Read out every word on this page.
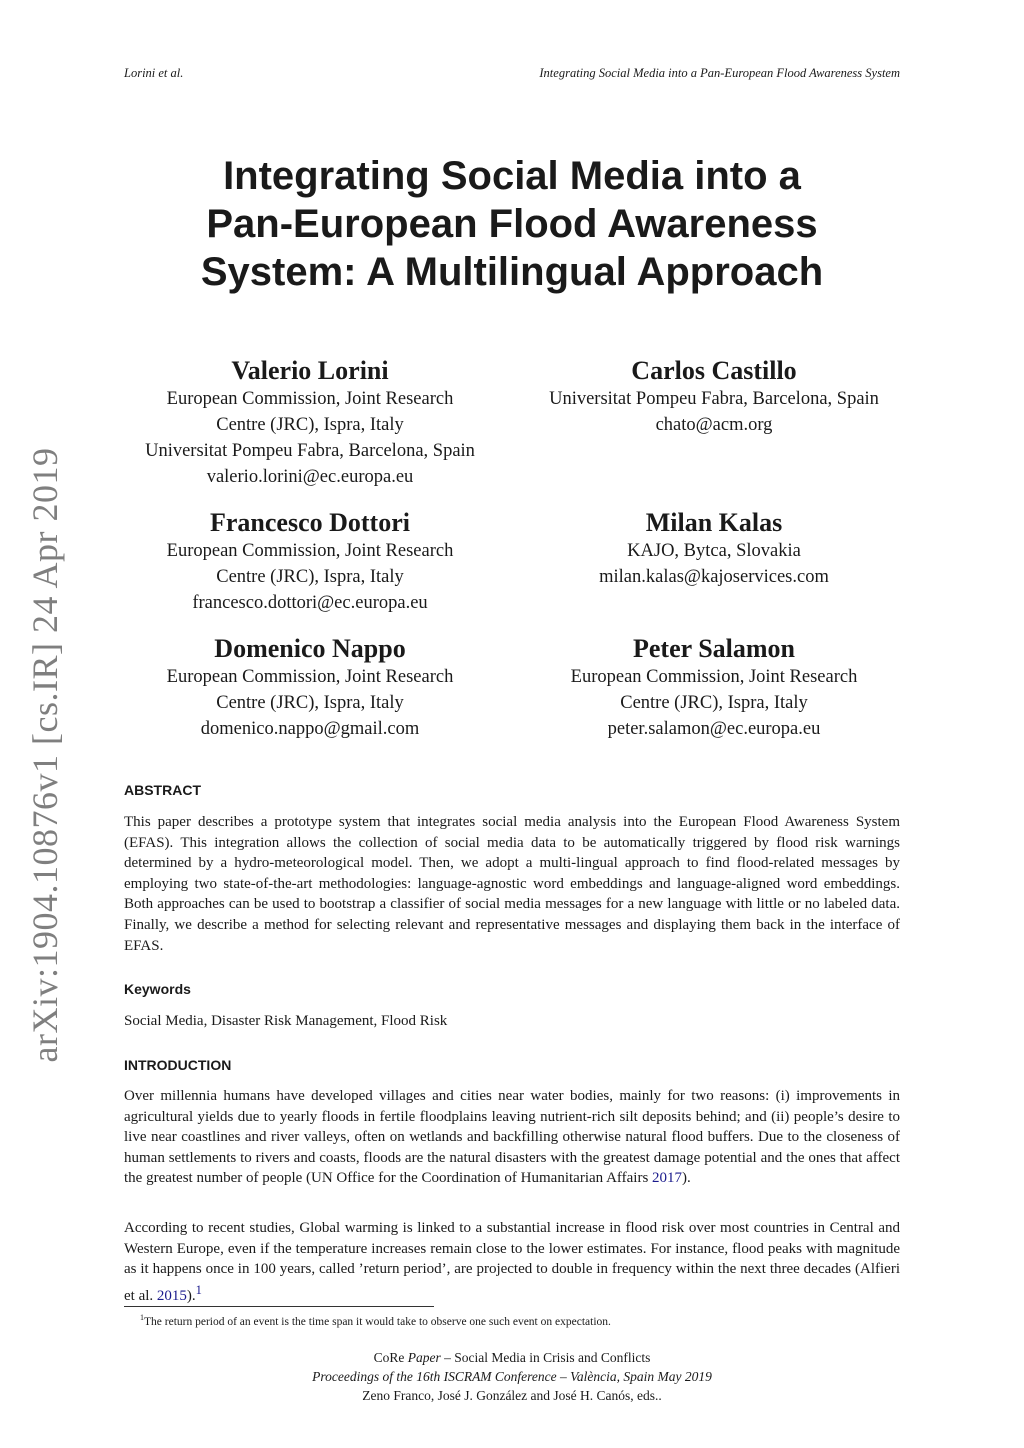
Lorini et al.	Integrating Social Media into a Pan-European Flood Awareness System
Integrating Social Media into a
Pan-European Flood Awareness
System: A Multilingual Approach
Valerio Lorini
European Commission, Joint Research
Centre (JRC), Ispra, Italy
Universitat Pompeu Fabra, Barcelona, Spain
valerio.lorini@ec.europa.eu
Carlos Castillo
Universitat Pompeu Fabra, Barcelona, Spain
chato@acm.org
Francesco Dottori
European Commission, Joint Research
Centre (JRC), Ispra, Italy
francesco.dottori@ec.europa.eu
Milan Kalas
KAJO, Bytca, Slovakia
milan.kalas@kajoservices.com
Domenico Nappo
European Commission, Joint Research
Centre (JRC), Ispra, Italy
domenico.nappo@gmail.com
Peter Salamon
European Commission, Joint Research
Centre (JRC), Ispra, Italy
peter.salamon@ec.europa.eu
arXiv:1904.10876v1 [cs.IR] 24 Apr 2019	ABSTRACT

This paper describes a prototype system that integrates social media analysis into the European Flood Awareness System (EFAS). This integration allows the collection of social media data to be automatically triggered by flood risk warnings determined by a hydro-meteorological model. Then, we adopt a multi-lingual approach to find flood-related messages by employing two state-of-the-art methodologies: language-agnostic word embeddings and language-aligned word embeddings. Both approaches can be used to bootstrap a classifier of social media messages for a new language with little or no labeled data. Finally, we describe a method for selecting relevant and representative messages and displaying them back in the interface of EFAS.

Keywords

Social Media, Disaster Risk Management, Flood Risk

INTRODUCTION

Over millennia humans have developed villages and cities near water bodies, mainly for two reasons: (i) improvements in agricultural yields due to yearly floods in fertile floodplains leaving nutrient-rich silt deposits behind; and (ii) people’s desire to live near coastlines and river valleys, often on wetlands and backfilling otherwise natural flood buffers. Due to the closeness of human settlements to rivers and coasts, floods are the natural disasters with the greatest damage potential and the ones that affect the greatest number of people (UN Office for the Coordination of Humanitarian Affairs 2017).

According to recent studies, Global warming is linked to a substantial increase in flood risk over most countries in Central and Western Europe, even if the temperature increases remain close to the lower estimates. For instance, flood peaks with magnitude as it happens once in 100 years, called ’return period’, are projected to double in frequency within the next three decades (Alfieri et al. 2015).$^1$

$^1$The return period of an event is the time span it would take to observe one such event on expectation.
CoRe Paper – Social Media in Crisis and Conflicts
Proceedings of the 16th ISCRAM Conference – València, Spain May 2019
Zeno Franco, José J. González and José H. Canós, eds..
